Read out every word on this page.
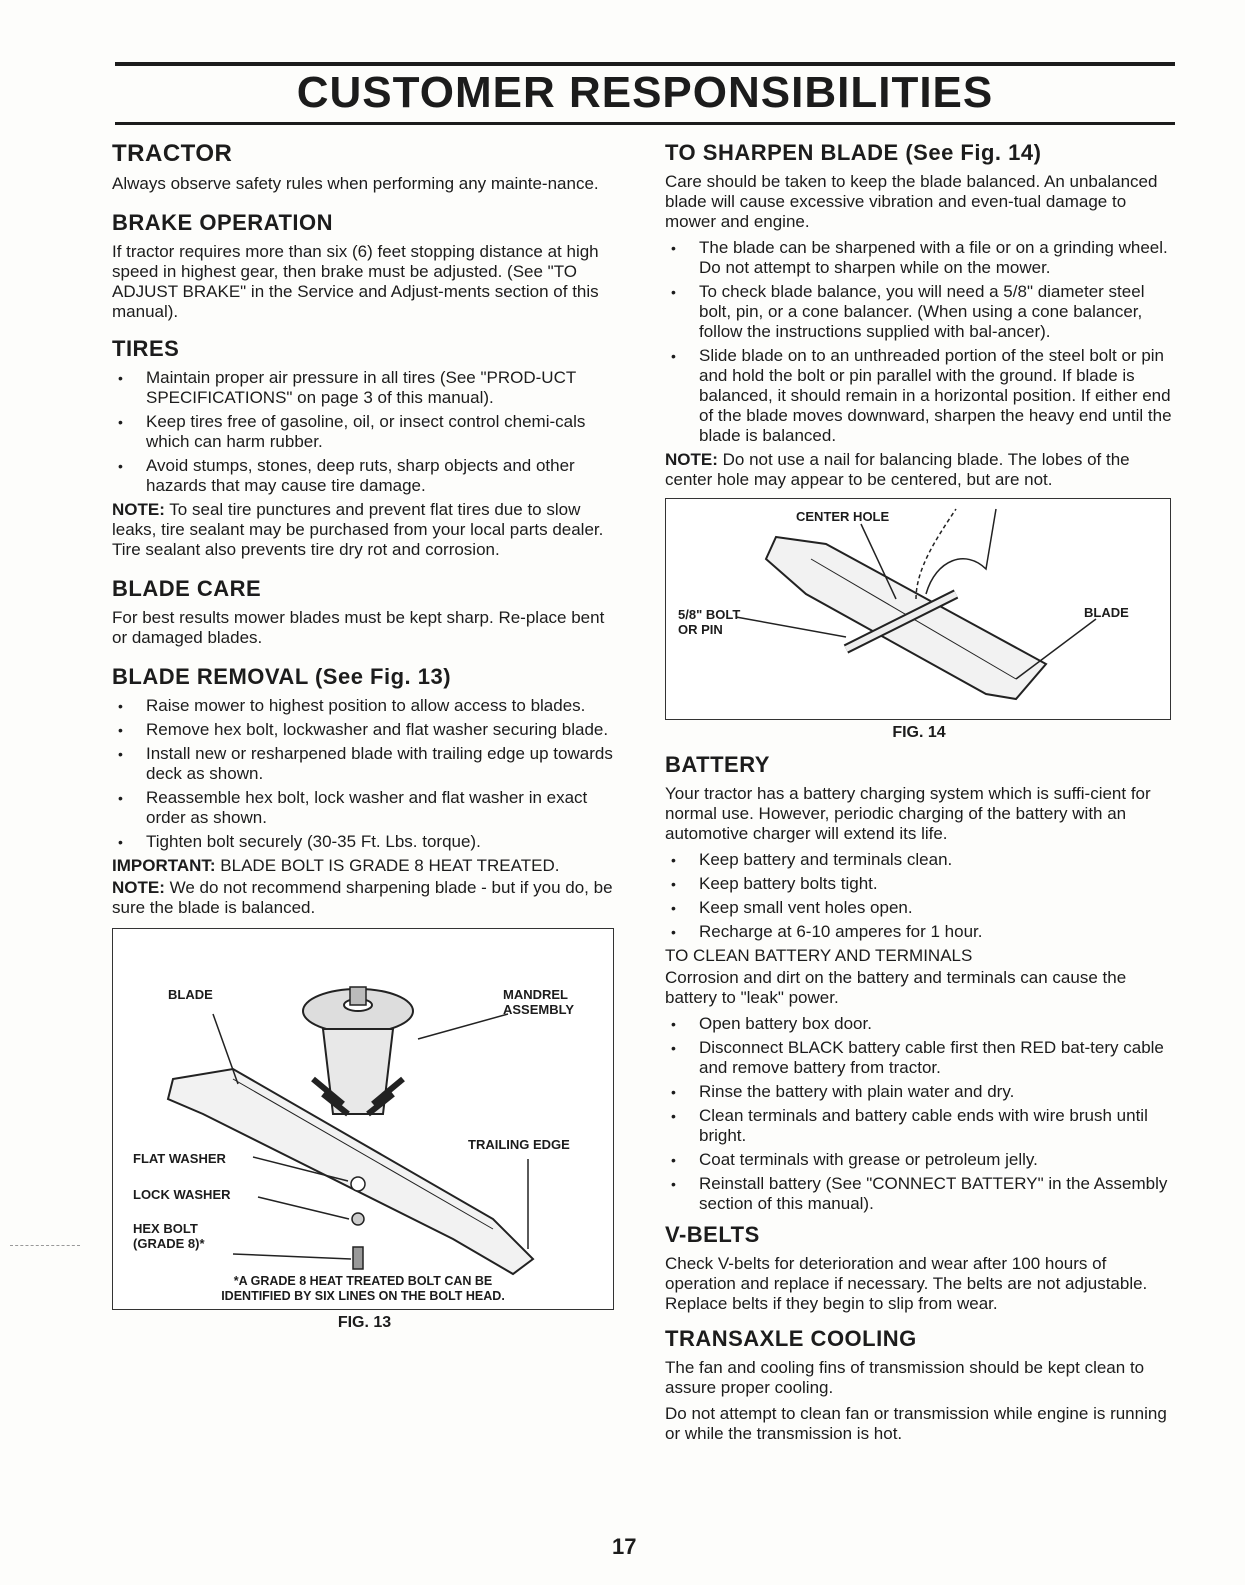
CUSTOMER RESPONSIBILITIES
TRACTOR

Always observe safety rules when performing any mainte-nance.

BRAKE OPERATION

If tractor requires more than six (6) feet stopping distance at high speed in highest gear, then brake must be adjusted. (See "TO ADJUST BRAKE" in the Service and Adjust-ments section of this manual).

TIRES
• Maintain proper air pressure in all tires (See "PROD-UCT SPECIFICATIONS" on page 3 of this manual).
• Keep tires free of gasoline, oil, or insect control chemi-cals which can harm rubber.
• Avoid stumps, stones, deep ruts, sharp objects and other hazards that may cause tire damage.

NOTE: To seal tire punctures and prevent flat tires due to slow leaks, tire sealant may be purchased from your local parts dealer. Tire sealant also prevents tire dry rot and corrosion.

BLADE CARE

For best results mower blades must be kept sharp. Re-place bent or damaged blades.

BLADE REMOVAL (See Fig. 13)
• Raise mower to highest position to allow access to blades.
• Remove hex bolt, lockwasher and flat washer securing blade.
• Install new or resharpened blade with trailing edge up towards deck as shown.
• Reassemble hex bolt, lock washer and flat washer in exact order as shown.
• Tighten bolt securely (30-35 Ft. Lbs. torque).

IMPORTANT: BLADE BOLT IS GRADE 8 HEAT TREATED.

NOTE: We do not recommend sharpening blade - but if you do, be sure the blade is balanced.

BLADE	MANDREL
ASSEMBLY
TRAILING EDGE
FLAT WASHER
LOCK WASHER
HEX BOLT
(GRADE 8)*
*A GRADE 8 HEAT TREATED BOLT CAN BE
IDENTIFIED BY SIX LINES ON THE BOLT HEAD.
FIG. 13
TO SHARPEN BLADE (See Fig. 14)

Care should be taken to keep the blade balanced. An unbalanced blade will cause excessive vibration and even-tual damage to mower and engine.

• The blade can be sharpened with a file or on a grinding wheel. Do not attempt to sharpen while on the mower.
• To check blade balance, you will need a 5/8" diameter steel bolt, pin, or a cone balancer. (When using a cone balancer, follow the instructions supplied with bal-ancer).
• Slide blade on to an unthreaded portion of the steel bolt or pin and hold the bolt or pin parallel with the ground. If blade is balanced, it should remain in a horizontal position. If either end of the blade moves downward, sharpen the heavy end until the blade is balanced.

NOTE: Do not use a nail for balancing blade. The lobes of the center hole may appear to be centered, but are not.

CENTER HOLE
5/8" BOLT
OR PIN
BLADE
FIG. 14
BATTERY

Your tractor has a battery charging system which is suffi-cient for normal use. However, periodic charging of the battery with an automotive charger will extend its life.

• Keep battery and terminals clean.
• Keep battery bolts tight.
• Keep small vent holes open.
• Recharge at 6-10 amperes for 1 hour.

TO CLEAN BATTERY AND TERMINALS

Corrosion and dirt on the battery and terminals can cause the battery to "leak" power.

• Open battery box door.
• Disconnect BLACK battery cable first then RED bat-tery cable and remove battery from tractor.
• Rinse the battery with plain water and dry.
• Clean terminals and battery cable ends with wire brush until bright.
• Coat terminals with grease or petroleum jelly.
• Reinstall battery (See "CONNECT BATTERY" in the Assembly section of this manual).
V-BELTS

Check V-belts for deterioration and wear after 100 hours of operation and replace if necessary. The belts are not adjustable. Replace belts if they begin to slip from wear.

TRANSAXLE COOLING

The fan and cooling fins of transmission should be kept clean to assure proper cooling.

Do not attempt to clean fan or transmission while engine is running or while the transmission is hot.

17
